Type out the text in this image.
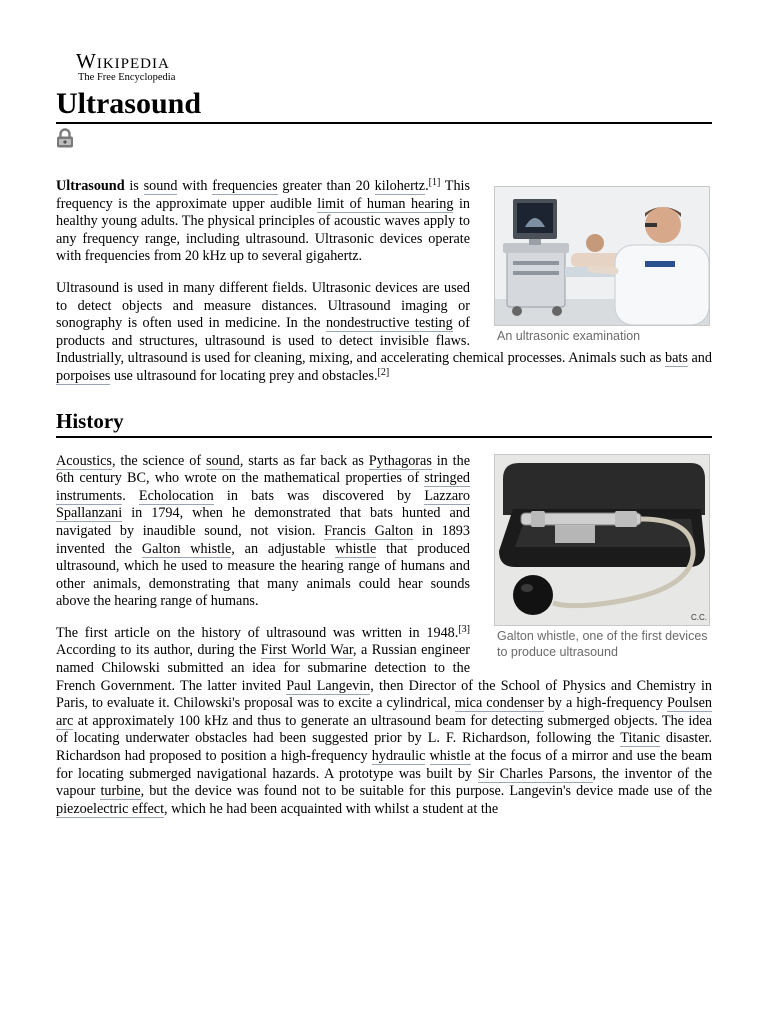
Wikipedia
The Free Encyclopedia
Ultrasound
An ultrasonic examination

Ultrasound is sound with frequencies greater than 20 kilohertz.[1] This frequency is the approximate upper audible limit of human hearing in healthy young adults. The physical principles of acoustic waves apply to any frequency range, including ultrasound. Ultrasonic devices operate with frequencies from 20 kHz up to several gigahertz.

Ultrasound is used in many different fields. Ultrasonic devices are used to detect objects and measure distances. Ultrasound imaging or sonography is often used in medicine. In the nondestructive testing of products and structures, ultrasound is used to detect invisible flaws. Industrially, ultrasound is used for cleaning, mixing, and accelerating chemical processes. Animals such as bats and porpoises use ultrasound for locating prey and obstacles.[2]

History
C.C.
Galton whistle, one of the first devices to produce ultrasound

Acoustics, the science of sound, starts as far back as Pythagoras in the 6th century BC, who wrote on the mathematical properties of stringed instruments. Echolocation in bats was discovered by Lazzaro Spallanzani in 1794, when he demonstrated that bats hunted and navigated by inaudible sound, not vision. Francis Galton in 1893 invented the Galton whistle, an adjustable whistle that produced ultrasound, which he used to measure the hearing range of humans and other animals, demonstrating that many animals could hear sounds above the hearing range of humans.

The first article on the history of ultrasound was written in 1948.[3] According to its author, during the First World War, a Russian engineer named Chilowski submitted an idea for submarine detection to the French Government. The latter invited Paul Langevin, then Director of the School of Physics and Chemistry in Paris, to evaluate it. Chilowski's proposal was to excite a cylindrical, mica condenser by a high-frequency Poulsen arc at approximately 100 kHz and thus to generate an ultrasound beam for detecting submerged objects. The idea of locating underwater obstacles had been suggested prior by L. F. Richardson, following the Titanic disaster. Richardson had proposed to position a high-frequency hydraulic whistle at the focus of a mirror and use the beam for locating submerged navigational hazards. A prototype was built by Sir Charles Parsons, the inventor of the vapour turbine, but the device was found not to be suitable for this purpose. Langevin's device made use of the piezoelectric effect, which he had been acquainted with whilst a student at the
